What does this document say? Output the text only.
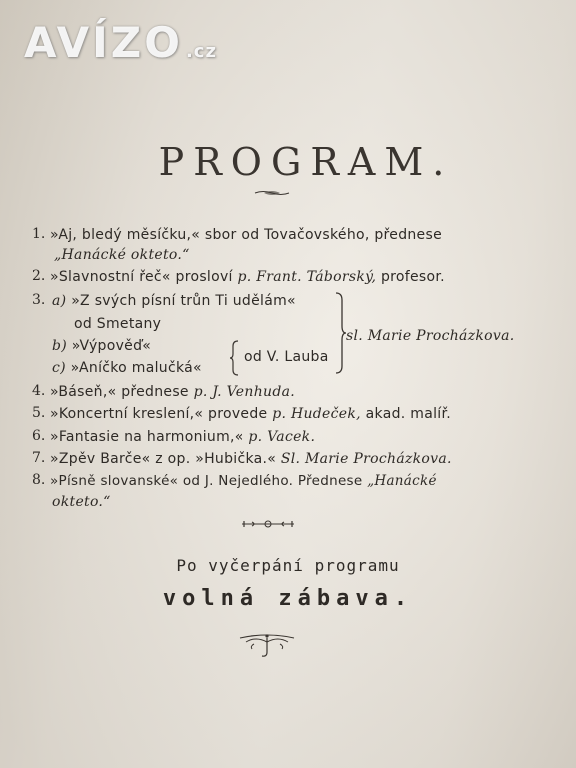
AVÍZO .cz
PROGRAM.
1. »Aj, bledý měsíčku,« sbor od Tovačovského, přednese
„Hanácké okteto.“
2. »Slavnostní řeč« prosloví p. Frant. Táborský, profesor.
3. a) »Z svých písní trůn Ti udělám«
od Smetany
b) »Výpověď«
c) »Aníčko malučká«
od V. Lauba
sl. Marie Procházkova.
4. »Báseň,« přednese p. J. Venhuda.
5. »Koncertní kreslení,« provede p. Hudeček, akad. malíř.
6. »Fantasie na harmonium,« p. Vacek.
7. »Zpěv Barče« z op. »Hubička.« Sl. Marie Procházkova.
8. »Písně slovanské« od J. Nejedlého. Přednese „Hanácké
okteto.“
Po vyčerpání programu
volná zábava.
